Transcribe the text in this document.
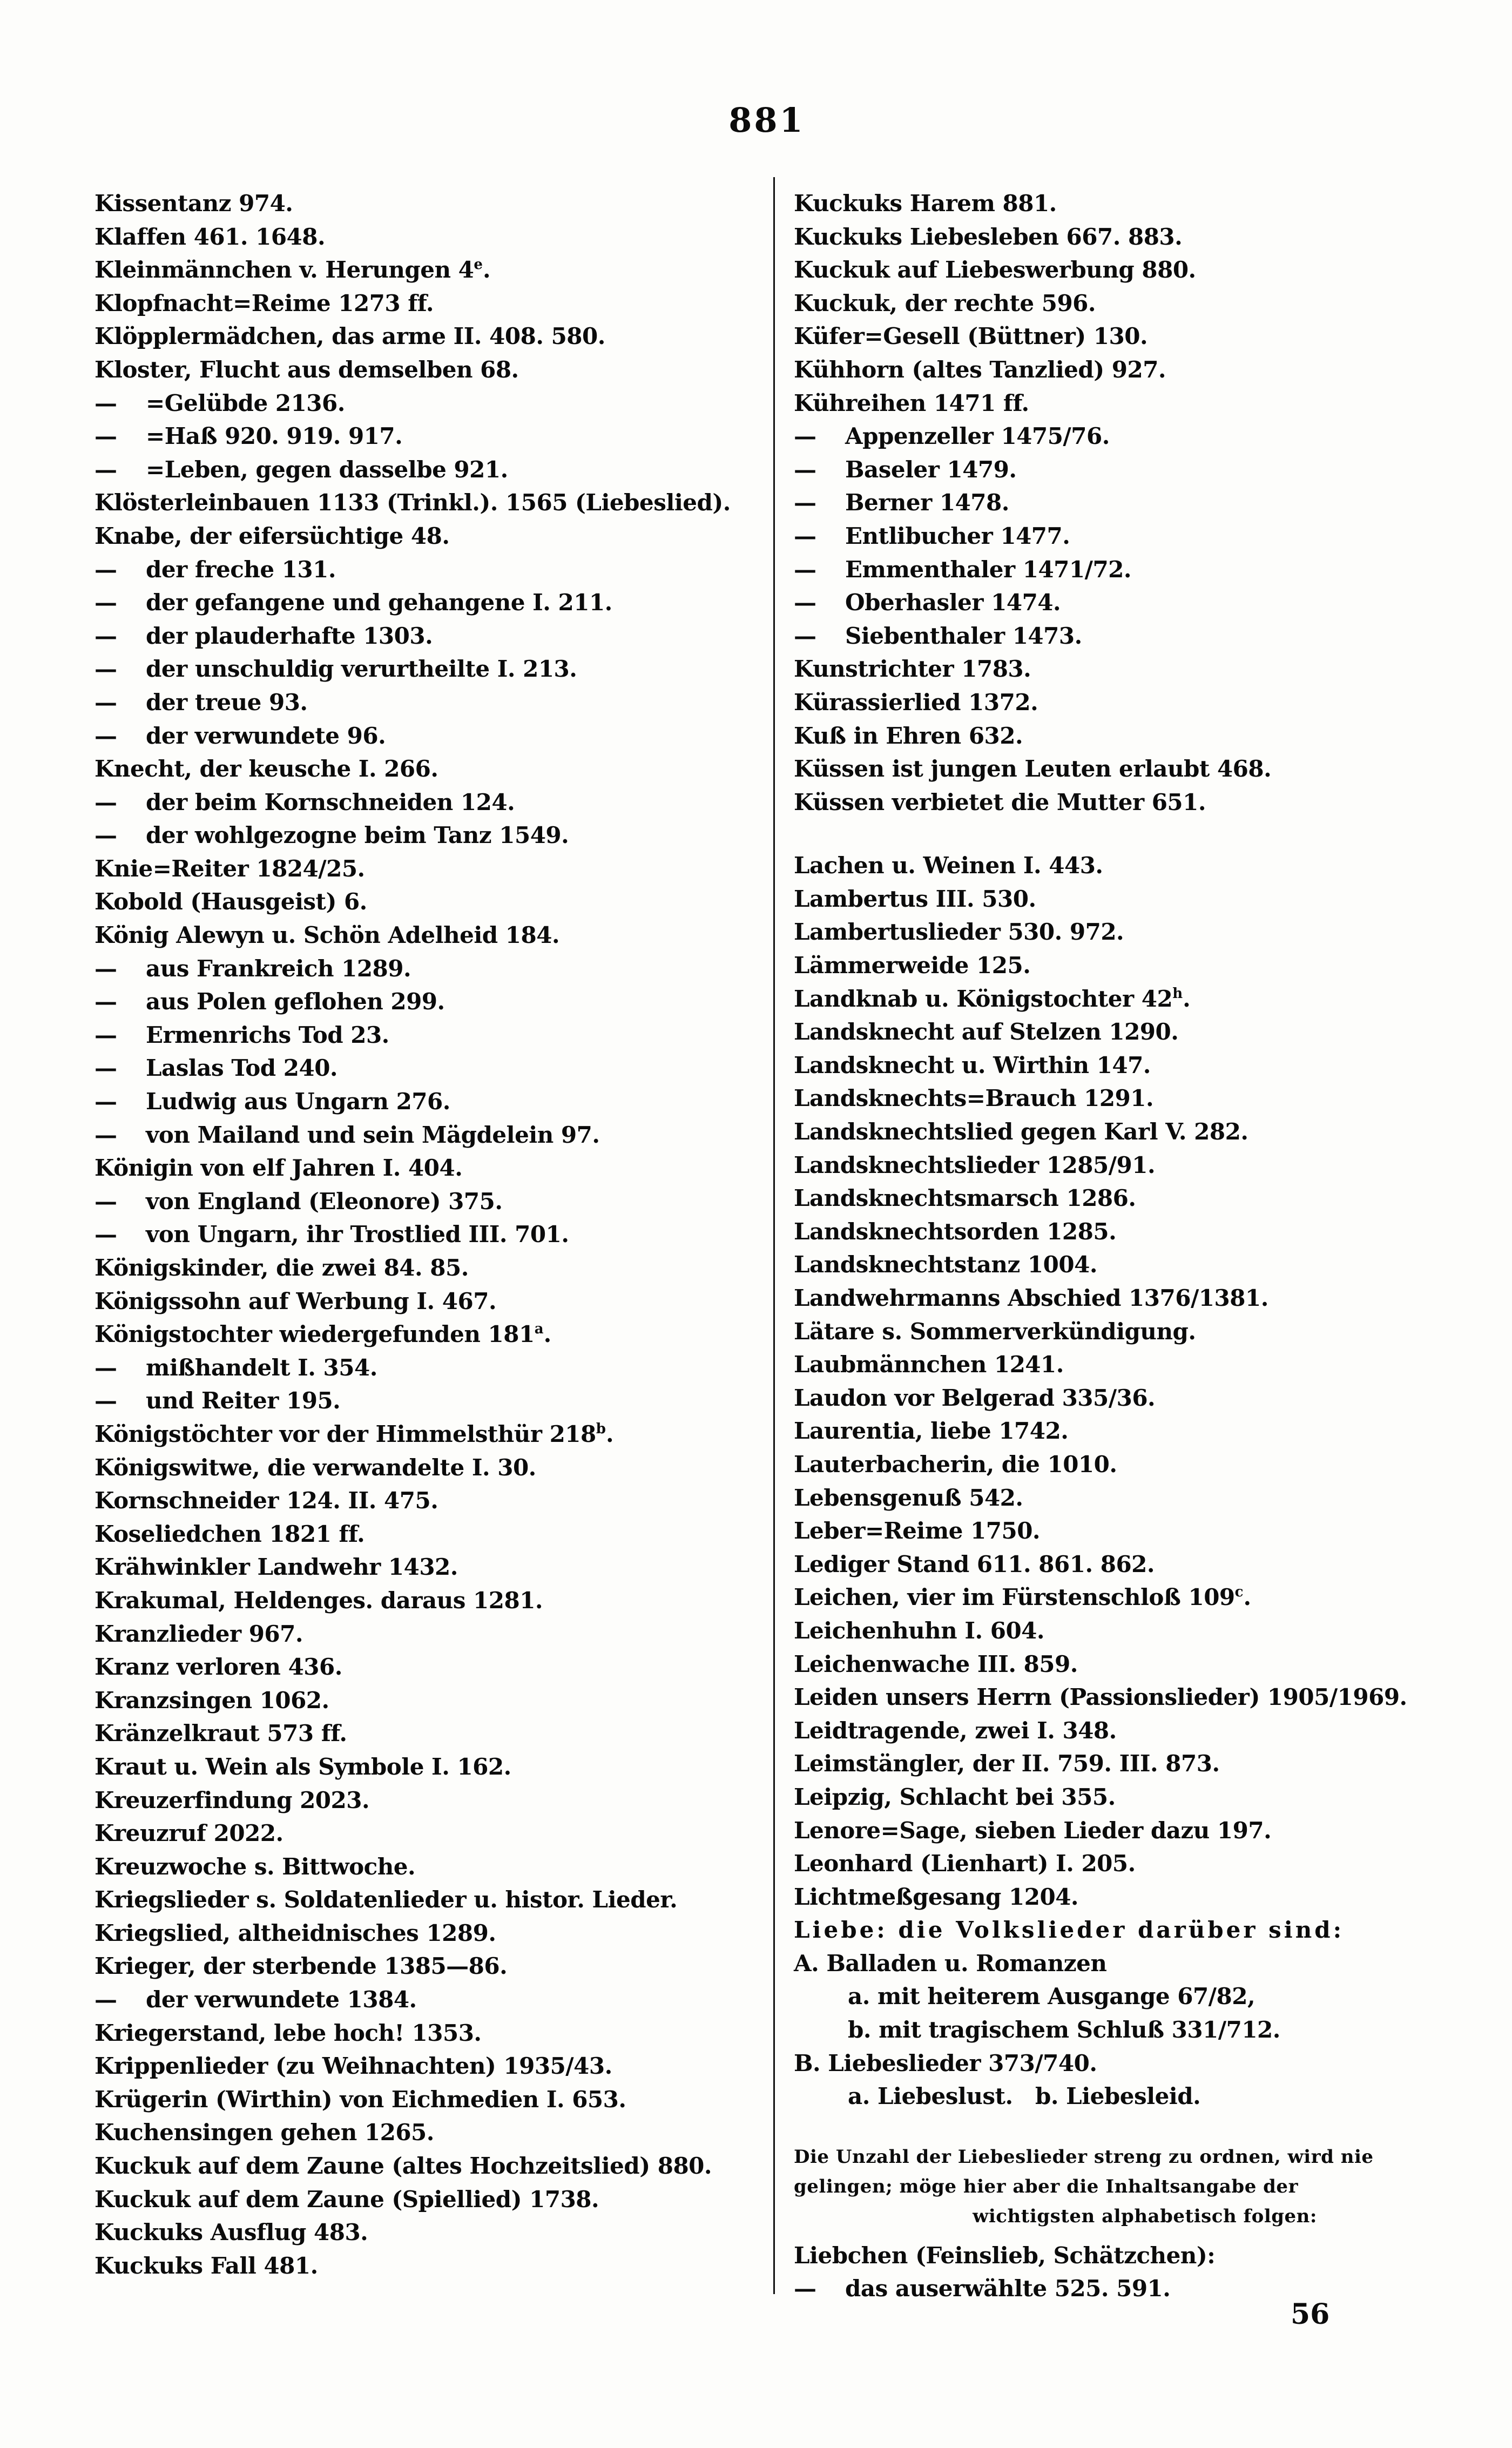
881
Kissentanz 974.
Klaffen 461. 1648.
Kleinmännchen v. Herungen 4e.
Klopfnacht=Reime 1273 ff.
Klöpplermädchen, das arme II. 408. 580.
Kloster, Flucht aus demselben 68.
— =Gelübde 2136.
— =Haß 920. 919. 917.
— =Leben, gegen dasselbe 921.
Klösterleinbauen 1133 (Trinkl.). 1565 (Liebeslied).
Knabe, der eifersüchtige 48.
— der freche 131.
— der gefangene und gehangene I. 211.
— der plauderhafte 1303.
— der unschuldig verurtheilte I. 213.
— der treue 93.
— der verwundete 96.
Knecht, der keusche I. 266.
— der beim Kornschneiden 124.
— der wohlgezogne beim Tanz 1549.
Knie=Reiter 1824/25.
Kobold (Hausgeist) 6.
König Alewyn u. Schön Adelheid 184.
— aus Frankreich 1289.
— aus Polen geflohen 299.
— Ermenrichs Tod 23.
— Laslas Tod 240.
— Ludwig aus Ungarn 276.
— von Mailand und sein Mägdelein 97.
Königin von elf Jahren I. 404.
— von England (Eleonore) 375.
— von Ungarn, ihr Trostlied III. 701.
Königskinder, die zwei 84. 85.
Königssohn auf Werbung I. 467.
Königstochter wiedergefunden 181$^a$.
— mißhandelt I. 354.
— und Reiter 195.
Königstöchter vor der Himmelsthür 218$^b$.
Königswitwe, die verwandelte I. 30.
Kornschneider 124. II. 475.
Koseliedchen 1821 ff.
Krähwinkler Landwehr 1432.
Krakumal, Heldenges. daraus 1281.
Kranzlieder 967.
Kranz verloren 436.
Kranzsingen 1062.
Kränzelkraut 573 ff.
Kraut u. Wein als Symbole I. 162.
Kreuzerfindung 2023.
Kreuzruf 2022.
Kreuzwoche s. Bittwoche.
Kriegslieder s. Soldatenlieder u. histor. Lieder.
Kriegslied, altheidnisches 1289.
Krieger, der sterbende 1385—86.
— der verwundete 1384.
Kriegerstand, lebe hoch! 1353.
Krippenlieder (zu Weihnachten) 1935/43.
Krügerin (Wirthin) von Eichmedien I. 653.
Kuchensingen gehen 1265.
Kuckuk auf dem Zaune (altes Hochzeitslied) 880.
Kuckuk auf dem Zaune (Spiellied) 1738.
Kuckuks Ausflug 483.
Kuckuks Fall 481.
Kuckuks Harem 881.
Kuckuks Liebesleben 667. 883.
Kuckuk auf Liebeswerbung 880.
Kuckuk, der rechte 596.
Küfer=Gesell (Büttner) 130.
Kühhorn (altes Tanzlied) 927.
Kühreihen 1471 ff.
— Appenzeller 1475/76.
— Baseler 1479.
— Berner 1478.
— Entlibucher 1477.
— Emmenthaler 1471/72.
— Oberhasler 1474.
— Siebenthaler 1473.
Kunstrichter 1783.
Kürassierlied 1372.
Kuß in Ehren 632.
Küssen ist jungen Leuten erlaubt 468.
Küssen verbietet die Mutter 651.
Lachen u. Weinen I. 443.
Lambertus III. 530.
Lambertuslieder 530. 972.
Lämmerweide 125.
Landknab u. Königstochter 42$^h$.
Landsknecht auf Stelzen 1290.
Landsknecht u. Wirthin 147.
Landsknechts=Brauch 1291.
Landsknechtslied gegen Karl V. 282.
Landsknechtslieder 1285/91.
Landsknechtsmarsch 1286.
Landsknechtsorden 1285.
Landsknechtstanz 1004.
Landwehrmanns Abschied 1376/1381.
Lätare s. Sommerverkündigung.
Laubmännchen 1241.
Laudon vor Belgerad 335/36.
Laurentia, liebe 1742.
Lauterbacherin, die 1010.
Lebensgenuß 542.
Leber=Reime 1750.
Lediger Stand 611. 861. 862.
Leichen, vier im Fürstenschloß 109$^c$.
Leichenhuhn I. 604.
Leichenwache III. 859.
Leiden unsers Herrn (Passionslieder) 1905/1969.
Leidtragende, zwei I. 348.
Leimstängler, der II. 759. III. 873.
Leipzig, Schlacht bei 355.
Lenore=Sage, sieben Lieder dazu 197.
Leonhard (Lienhart) I. 205.
Lichtmeßgesang 1204.
Liebe: die Volkslieder darüber sind:
A. Balladen u. Romanzen
a. mit heiterem Ausgange 67/82,
b. mit tragischem Schluß 331/712.
B. Liebeslieder 373/740.
a. Liebeslust. b. Liebesleid.
Die Unzahl der Liebeslieder streng zu ordnen, wird nie
gelingen; möge hier aber die Inhaltsangabe der
wichtigsten alphabetisch folgen:
Liebchen (Feinslieb, Schätzchen):
— das auserwählte 525. 591.
56
